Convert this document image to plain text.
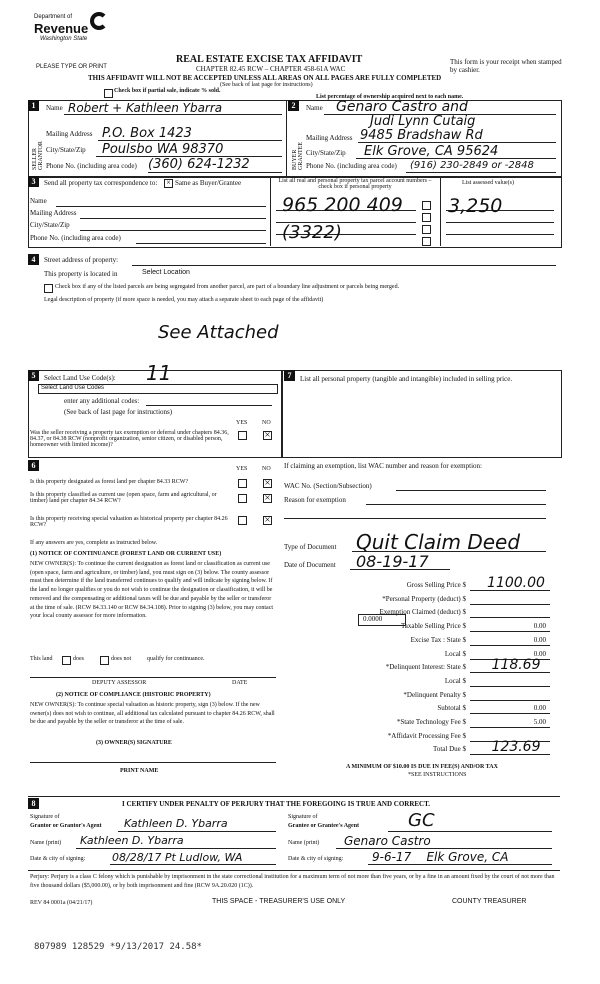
Department of
Revenue
Washington State
PLEASE TYPE OR PRINT
REAL ESTATE EXCISE TAX AFFIDAVIT
CHAPTER 82.45 RCW – CHAPTER 458-61A WAC
THIS AFFIDAVIT WILL NOT BE ACCEPTED UNLESS ALL AREAS ON ALL PAGES ARE FULLY COMPLETED
This form is your receipt when stamped by cashier.
(See back of last page for instructions)
Check box if partial sale, indicate % sold.
List percentage of ownership acquired next to each name.
1
SELLER GRANTOR
Name Robert + Kathleen Ybarra
Mailing Address P.O. Box 1423
City/State/Zip Poulsbo WA 98370
Phone No. (including area code) (360) 624-1232
2
BUYER GRANTEE
Name Genaro Castro and
Judi Lynn Cutaig
Mailing Address 9485 Bradshaw Rd
City/State/Zip Elk Grove, CA 95624
Phone No. (including area code) (916) 230-2849 or -2848
3	Send all property tax correspondence to: × Same as Buyer/Grantee
Name
Mailing Address
City/State/Zip
Phone No. (including area code)
List all real and personal property tax parcel account numbers – check box if personal property
List assessed value(s)
965 200 409
(3322)
3,250
4	Street address of property:
This property is located in	Select Location
Check box if any of the listed parcels are being segregated from another parcel, are part of a boundary line adjustment or parcels being merged.
Legal description of property (if more space is needed, you may attach a separate sheet to each page of the affidavit)
See Attached
5	Select Land Use Code(s): 11
Select Land Use Codes
enter any additional codes:
(See back of last page for instructions)
YES NO
Was the seller receiving a property tax exemption or deferral under chapters 84.36, 84.37, or 84.38 RCW (nonprofit organization, senior citizen, or disabled person, homeowner with limited income)?
×
7	List all personal property (tangible and intangible) included in selling price.
6	YES NO
Is this property designated as forest land per chapter 84.33 RCW?	×
Is this property classified as current use (open space, farm and agricultural, or timber) land per chapter 84.34 RCW?	×
Is this property receiving special valuation as historical property per chapter 84.26 RCW?	×
If any answers are yes, complete as instructed below.
(1) NOTICE OF CONTINUANCE (FOREST LAND OR CURRENT USE)
NEW OWNER(S): To continue the current designation as forest land or classification as current use (open space, farm and agriculture, or timber) land, you must sign on (3) below. The county assessor must then determine if the land transferred continues to qualify and will indicate by signing below. If the land no longer qualifies or you do not wish to continue the designation or classification, it will be removed and the compensating or additional taxes will be due and payable by the seller or transferor at the time of sale. (RCW 84.33.140 or RCW 84.34.108). Prior to signing (3) below, you may contact your local county assessor for more information.
This land	does	does not	qualify for continuance.
DEPUTY ASSESSOR	DATE
(2) NOTICE OF COMPLIANCE (HISTORIC PROPERTY)
NEW OWNER(S): To continue special valuation as historic property, sign (3) below. If the new owner(s) does not wish to continue, all additional tax calculated pursuant to chapter 84.26 RCW, shall be due and payable by the seller or transferor at the time of sale.
(3) OWNER(S) SIGNATURE
PRINT NAME
If claiming an exemption, list WAC number and reason for exemption:
WAC No. (Section/Subsection)
Reason for exemption
Type of Document Quit Claim Deed
Date of Document 08-19-17
Gross Selling Price $	1100.00
*Personal Property (deduct) $
Exemption Claimed (deduct) $
Taxable Selling Price $	0.00
Excise Tax : State $	0.00
Local $	0.00
*Delinquent Interest: State $	118.69
Local $
*Delinquent Penalty $
Subtotal $	0.00
*State Technology Fee $	5.00
*Affidavit Processing Fee $
Total Due $	123.69
0.0000
A MINIMUM OF $10.00 IS DUE IN FEE(S) AND/OR TAX
*SEE INSTRUCTIONS
8	I CERTIFY UNDER PENALTY OF PERJURY THAT THE FOREGOING IS TRUE AND CORRECT.
Signature of
Grantor or Grantor's Agent Kathleen D. Ybarra
Name (print) Kathleen D. Ybarra
Date & city of signing: 08/28/17 Pt Ludlow, WA
Signature of
Grantee or Grantee's Agent	GC
Name (print) Genaro Castro
Date & city of signing: 9-6-17    Elk Grove, CA
Perjury: Perjury is a class C felony which is punishable by imprisonment in the state correctional institution for a maximum term of not more than five years, or by a fine in an amount fixed by the court of not more than five thousand dollars ($5,000.00), or by both imprisonment and fine (RCW 9A.20.020 (1C)).
REV 84 0001a (04/21/17)	THIS SPACE - TREASURER'S USE ONLY	COUNTY TREASURER
807989 128529 *9/13/2017 24.58*
